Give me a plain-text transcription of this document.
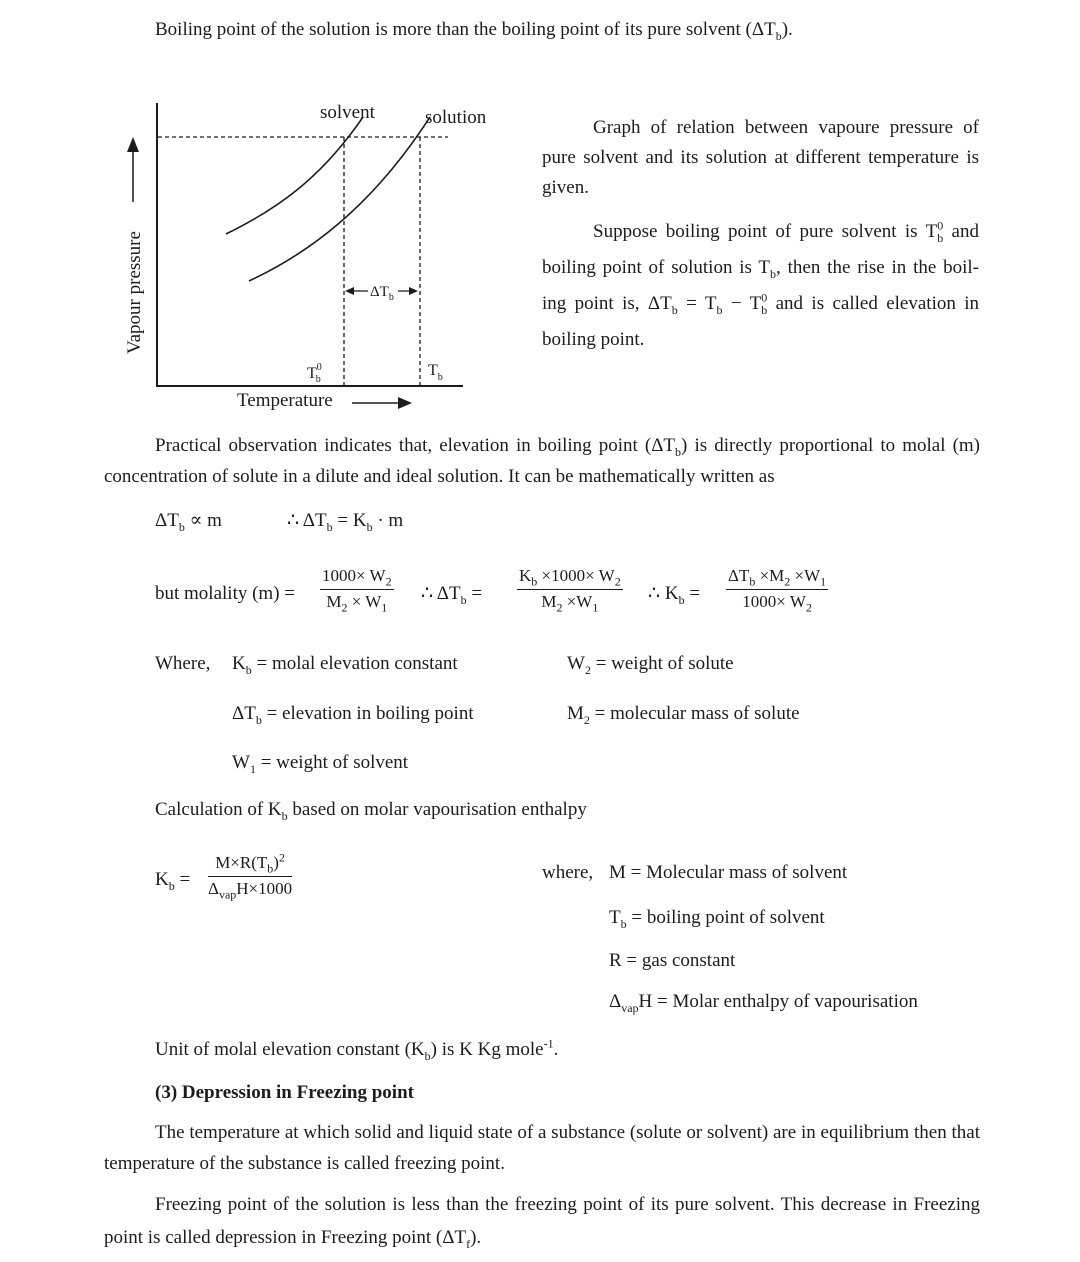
Boiling point of the solution is more than the boiling point of its pure solvent $(\Delta T_b)$.
$\Delta T_b$
solvent	solution
$T^0$ b
$T_b$
Temperature
Vapour pressure
Graph of relation between vapoure pressure of pure solvent and its solution at different temperature is given.
Suppose boiling point of pure solvent is $T^0_b$ and boiling point of solution is $T_b$, then the rise in the boil-ing point is, $\Delta T_b = T_b - T^0_b$ and is called elevation in boiling point.
Practical observation indicates that, elevation in boiling point $(\Delta T_b)$ is directly proportional to molal (m) concentration of solute in a dilute and ideal solution. It can be mathematically written as
$\Delta T_b \propto m$	∴ $\Delta T_b = K_b \cdot m$
but molality $(m) = \frac{1000\times W_2}{M_2 \times W_1}$ ∴ $\Delta T_b = \frac{K_b \times 1000\times W_2}{M_2 \times W_1}$ ∴ $K_b$ =
$\Delta T_b \times M_2 \times W_1$
$1000\times W_2$
Where, $K_b$ = molal elevation constant	$W_2$ = weight of solute
$\Delta T_b$ = elevation in boiling point	$M_2$ = molecular mass of solute
$W_1$ = weight of solvent
Calculation of $K_b$ based on molar vapourisation enthalpy
$K_b$ =
$M\times R(T_b)^2$
$\Delta_{vap}H\times 1000$
where, M = Molecular mass of solvent
$T_b$ = boiling point of solvent
R = gas constant
$\Delta_{vap}H$ = Molar enthalpy of vapourisation
Unit of molal elevation constant $(K_b)$ is K Kg mole$^{-1}$.
(3) Depression in Freezing point
The temperature at which solid and liquid state of a substance (solute or solvent) are in equilibrium then that temperature of the substance is called freezing point.
Freezing point of the solution is less than the freezing point of its pure solvent. This decrease in Freezing point is called depression in Freezing point $(\Delta T_f)$.
